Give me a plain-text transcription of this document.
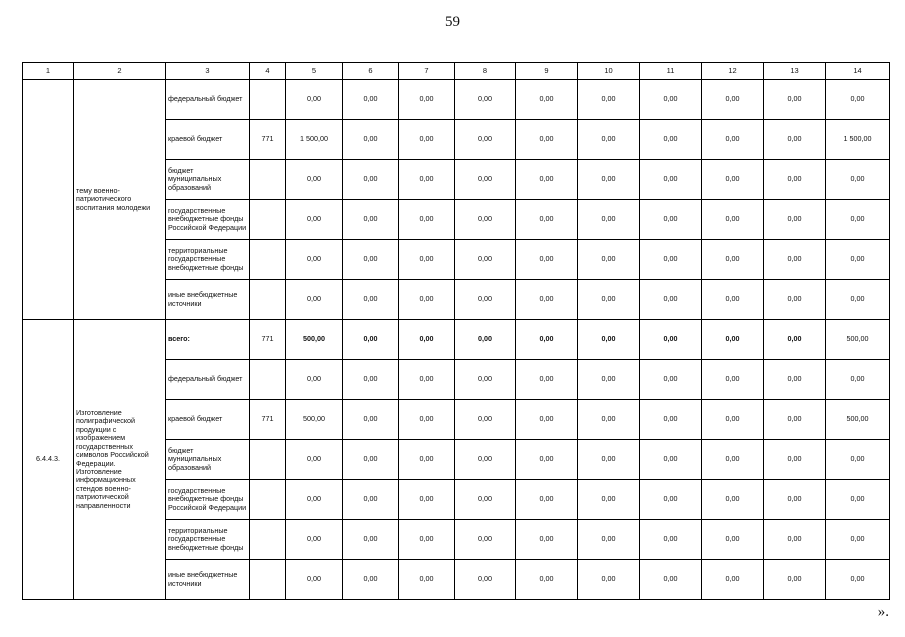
59
1	2	3	4	5	6	7	8	9	10	11	12	13	14
	тему военно-патриотического воспитания молодежи	федеральный бюджет		0,00	0,00	0,00	0,00	0,00	0,00	0,00	0,00	0,00	0,00
		краевой бюджет	771	1 500,00	0,00	0,00	0,00	0,00	0,00	0,00	0,00	0,00	1 500,00
		бюджет муниципальных образований		0,00	0,00	0,00	0,00	0,00	0,00	0,00	0,00	0,00	0,00
		государственные внебюджетные фонды Российской Федерации		0,00	0,00	0,00	0,00	0,00	0,00	0,00	0,00	0,00	0,00
		территориальные государственные внебюджетные фонды		0,00	0,00	0,00	0,00	0,00	0,00	0,00	0,00	0,00	0,00
		иные внебюджетные источники		0,00	0,00	0,00	0,00	0,00	0,00	0,00	0,00	0,00	0,00
6.4.4.3.	Изготовление полиграфической продукции с изображением государственных символов Российской Федерации. Изготовление информационных стендов военно-патриотической направленности	всего:	771	500,00	0,00	0,00	0,00	0,00	0,00	0,00	0,00	0,00	500,00
		федеральный бюджет		0,00	0,00	0,00	0,00	0,00	0,00	0,00	0,00	0,00	0,00
		краевой бюджет	771	500,00	0,00	0,00	0,00	0,00	0,00	0,00	0,00	0,00	500,00
		бюджет муниципальных образований		0,00	0,00	0,00	0,00	0,00	0,00	0,00	0,00	0,00	0,00
		государственные внебюджетные фонды Российской Федерации		0,00	0,00	0,00	0,00	0,00	0,00	0,00	0,00	0,00	0,00
		территориальные государственные внебюджетные фонды		0,00	0,00	0,00	0,00	0,00	0,00	0,00	0,00	0,00	0,00
		иные внебюджетные источники		0,00	0,00	0,00	0,00	0,00	0,00	0,00	0,00	0,00	0,00
».
